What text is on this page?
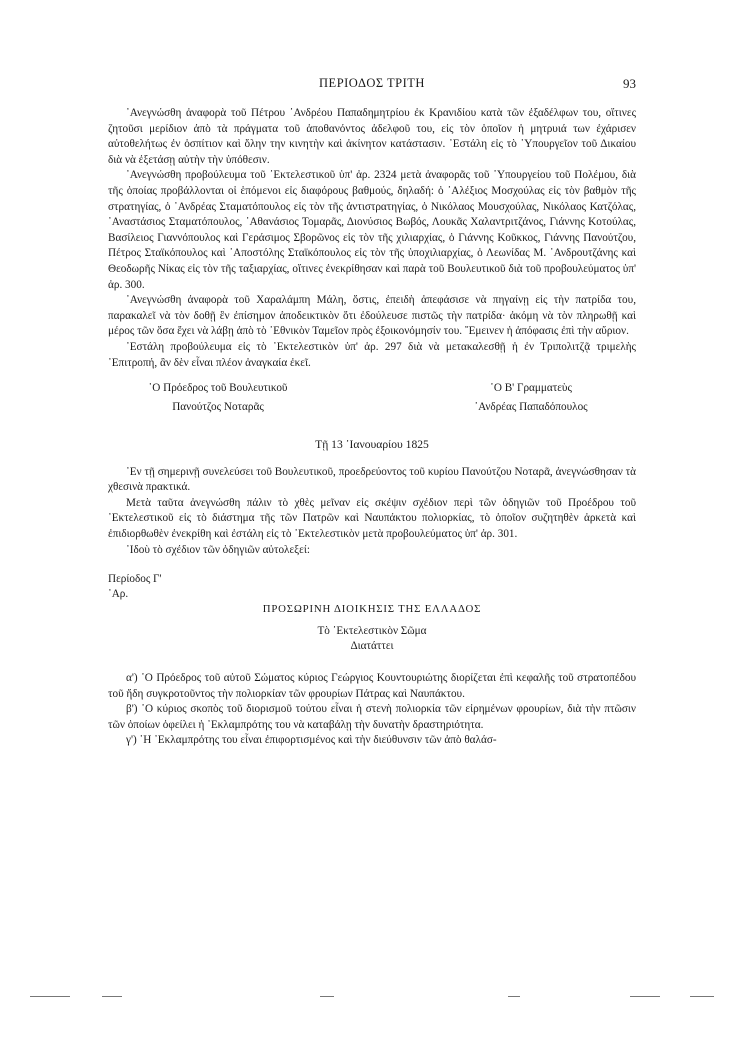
ΠΕΡΙΟΔΟΣ ΤΡΙΤΗ	93

᾿Ανεγνώσθη ἀναφορὰ τοῦ Πέτρου ᾿Ανδρέου Παπαδημητρίου ἐκ Κρανιδίου κατὰ τῶν ἐξαδέλφων του, οἵτινες ζητοῦσι μερίδιον ἀπὸ τὰ πράγματα τοῦ ἀποθανόντος ἀδελφοῦ του, εἰς τὸν ὁποῖον ἡ μητρυιά των ἐχάρισεν αὐτοθελήτως ἐν ὀσπίτιον καὶ ὅλην την κινητὴν καὶ ἀκίνητον κατάστασιν. ᾿Εστάλη εἰς τὸ ῾Υπουργεῖον τοῦ Δικαίου διὰ νὰ ἐξετάσῃ αὐτὴν τὴν ὑπόθεσιν.

᾿Ανεγνώσθη προβούλευμα τοῦ ᾿Εκτελεστικοῦ ὑπ' ἀρ. 2324 μετὰ ἀναφορᾶς τοῦ ῾Υπουργείου τοῦ Πολέμου, διὰ τῆς ὁποίας προβάλλονται οἱ ἑπόμενοι εἰς διαφόρους βαθμούς, δηλαδή: ὁ ᾿Αλέξιος Μοσχούλας εἰς τὸν βαθμὸν τῆς στρατηγίας, ὁ ᾿Ανδρέας Σταματόπουλος εἰς τὸν τῆς ἀντιστρατηγίας, ὁ Νικόλαος Μουσχούλας, Νικόλαος Κατζόλας, ᾿Αναστάσιος Σταματόπουλος, ᾿Αθανάσιος Τομαρᾶς, Διονύσιος Βωβός, Λουκᾶς Χαλαντριτζάνος, Γιάννης Κοτούλας, Βασίλειος Γιαννόπουλος καὶ Γεράσιμος Σβορῶνος εἰς τὸν τῆς χιλιαρχίας, ὁ Γιάννης Κοῦκκος, Γιάννης Πανούτζου, Πέτρος Σταϊκόπουλος καὶ ᾿Αποστόλης Σταϊκόπουλος εἰς τὸν τῆς ὑποχιλιαρχίας, ὁ Λεωνίδας Μ. ᾿Ανδρουτζάνης καὶ Θεοδωρῆς Νίκας εἰς τὸν τῆς ταξιαρχίας, οἵτινες ἐνεκρίθησαν καὶ παρὰ τοῦ Βουλευτικοῦ διὰ τοῦ προβουλεύματος ὑπ' ἀρ. 300.

᾿Ανεγνώσθη ἀναφορὰ τοῦ Χαραλάμπη Μάλη, ὅστις, ἐπειδὴ ἀπεφάσισε νὰ πηγαίνῃ εἰς τὴν πατρίδα του, παρακαλεῖ νὰ τὸν δοθῇ ἓν ἐπίσημον ἀποδεικτικὸν ὅτι ἐδούλευσε πιστῶς τὴν πατρίδα· ἀκόμη νὰ τὸν πληρωθῇ καὶ μέρος τῶν ὅσα ἔχει νὰ λάβῃ ἀπὸ τὸ ᾿Εθνικὸν Ταμεῖον πρὸς ἐξοικονόμησίν του. ῎Εμεινεν ἡ ἀπόφασις ἐπὶ τὴν αὔριον.

᾿Εστάλη προβούλευμα εἰς τὸ ᾿Εκτελεστικὸν ὑπ' ἀρ. 297 διὰ νὰ μετακαλεσθῇ ἡ ἐν Τριπολιτζᾷ τριμελὴς ᾿Επιτροπή, ἂν δὲν εἶναι πλέον ἀναγκαία ἐκεῖ.

῾Ο Πρόεδρος τοῦ Βουλευτικοῦ
Πανούτζος Νοταρᾶς
῾Ο Β' Γραμματεὺς
᾿Ανδρέας Παπαδόπουλος
Τῇ 13 ᾿Ιανουαρίου 1825

᾿Εν τῇ σημερινῇ συνελεύσει τοῦ Βουλευτικοῦ, προεδρεύοντος τοῦ κυρίου Πανούτζου Νοταρᾶ, ἀνεγνώσθησαν τὰ χθεσινὰ πρακτικά.

Μετὰ ταῦτα ἀνεγνώσθη πάλιν τὸ χθὲς μεῖναν εἰς σκέψιν σχέδιον περὶ τῶν ὁδηγιῶν τοῦ Προέδρου τοῦ ᾿Εκτελεστικοῦ εἰς τὸ διάστημα τῆς τῶν Πατρῶν καὶ Ναυπάκτου πολιορκίας, τὸ ὁποῖον συζητηθὲν ἀρκετὰ καὶ ἐπιδιορθωθὲν ἐνεκρίθη καὶ ἐστάλη εἰς τὸ ᾿Εκτελεστικὸν μετὰ προβουλεύματος ὑπ' ἀρ. 301.

᾿Ιδοὺ τὸ σχέδιον τῶν ὁδηγιῶν αὐτολεξεί:

Περίοδος Γ'
᾿Αρ.

ΠΡΟΣΩΡΙΝΗ ΔΙΟΙΚΗΣΙΣ ΤΗΣ ΕΛΛΑΔΟΣ

Τὸ ᾿Εκτελεστικὸν Σῶμα

Διατάττει

α') ῾Ο Πρόεδρος τοῦ αὐτοῦ Σώματος κύριος Γεώργιος Κουντουριώτης διορίζεται ἐπὶ κεφαλῆς τοῦ στρατοπέδου τοῦ ἤδη συγκροτοῦντος τὴν πολιορκίαν τῶν φρουρίων Πάτρας καὶ Ναυπάκτου.

β') ῾Ο κύριος σκοπὸς τοῦ διορισμοῦ τούτου εἶναι ἡ στενὴ πολιορκία τῶν εἰρημένων φρουρίων, διὰ τὴν πτῶσιν τῶν ὁποίων ὀφείλει ἡ ᾿Εκλαμπρότης του νὰ καταβάλῃ τὴν δυνατὴν δραστηριότητα.

γ') ῾Η ᾿Εκλαμπρότης του εἶναι ἐπιφορτισμένος καὶ τὴν διεύθυνσιν τῶν ἀπὸ θαλάσ-
